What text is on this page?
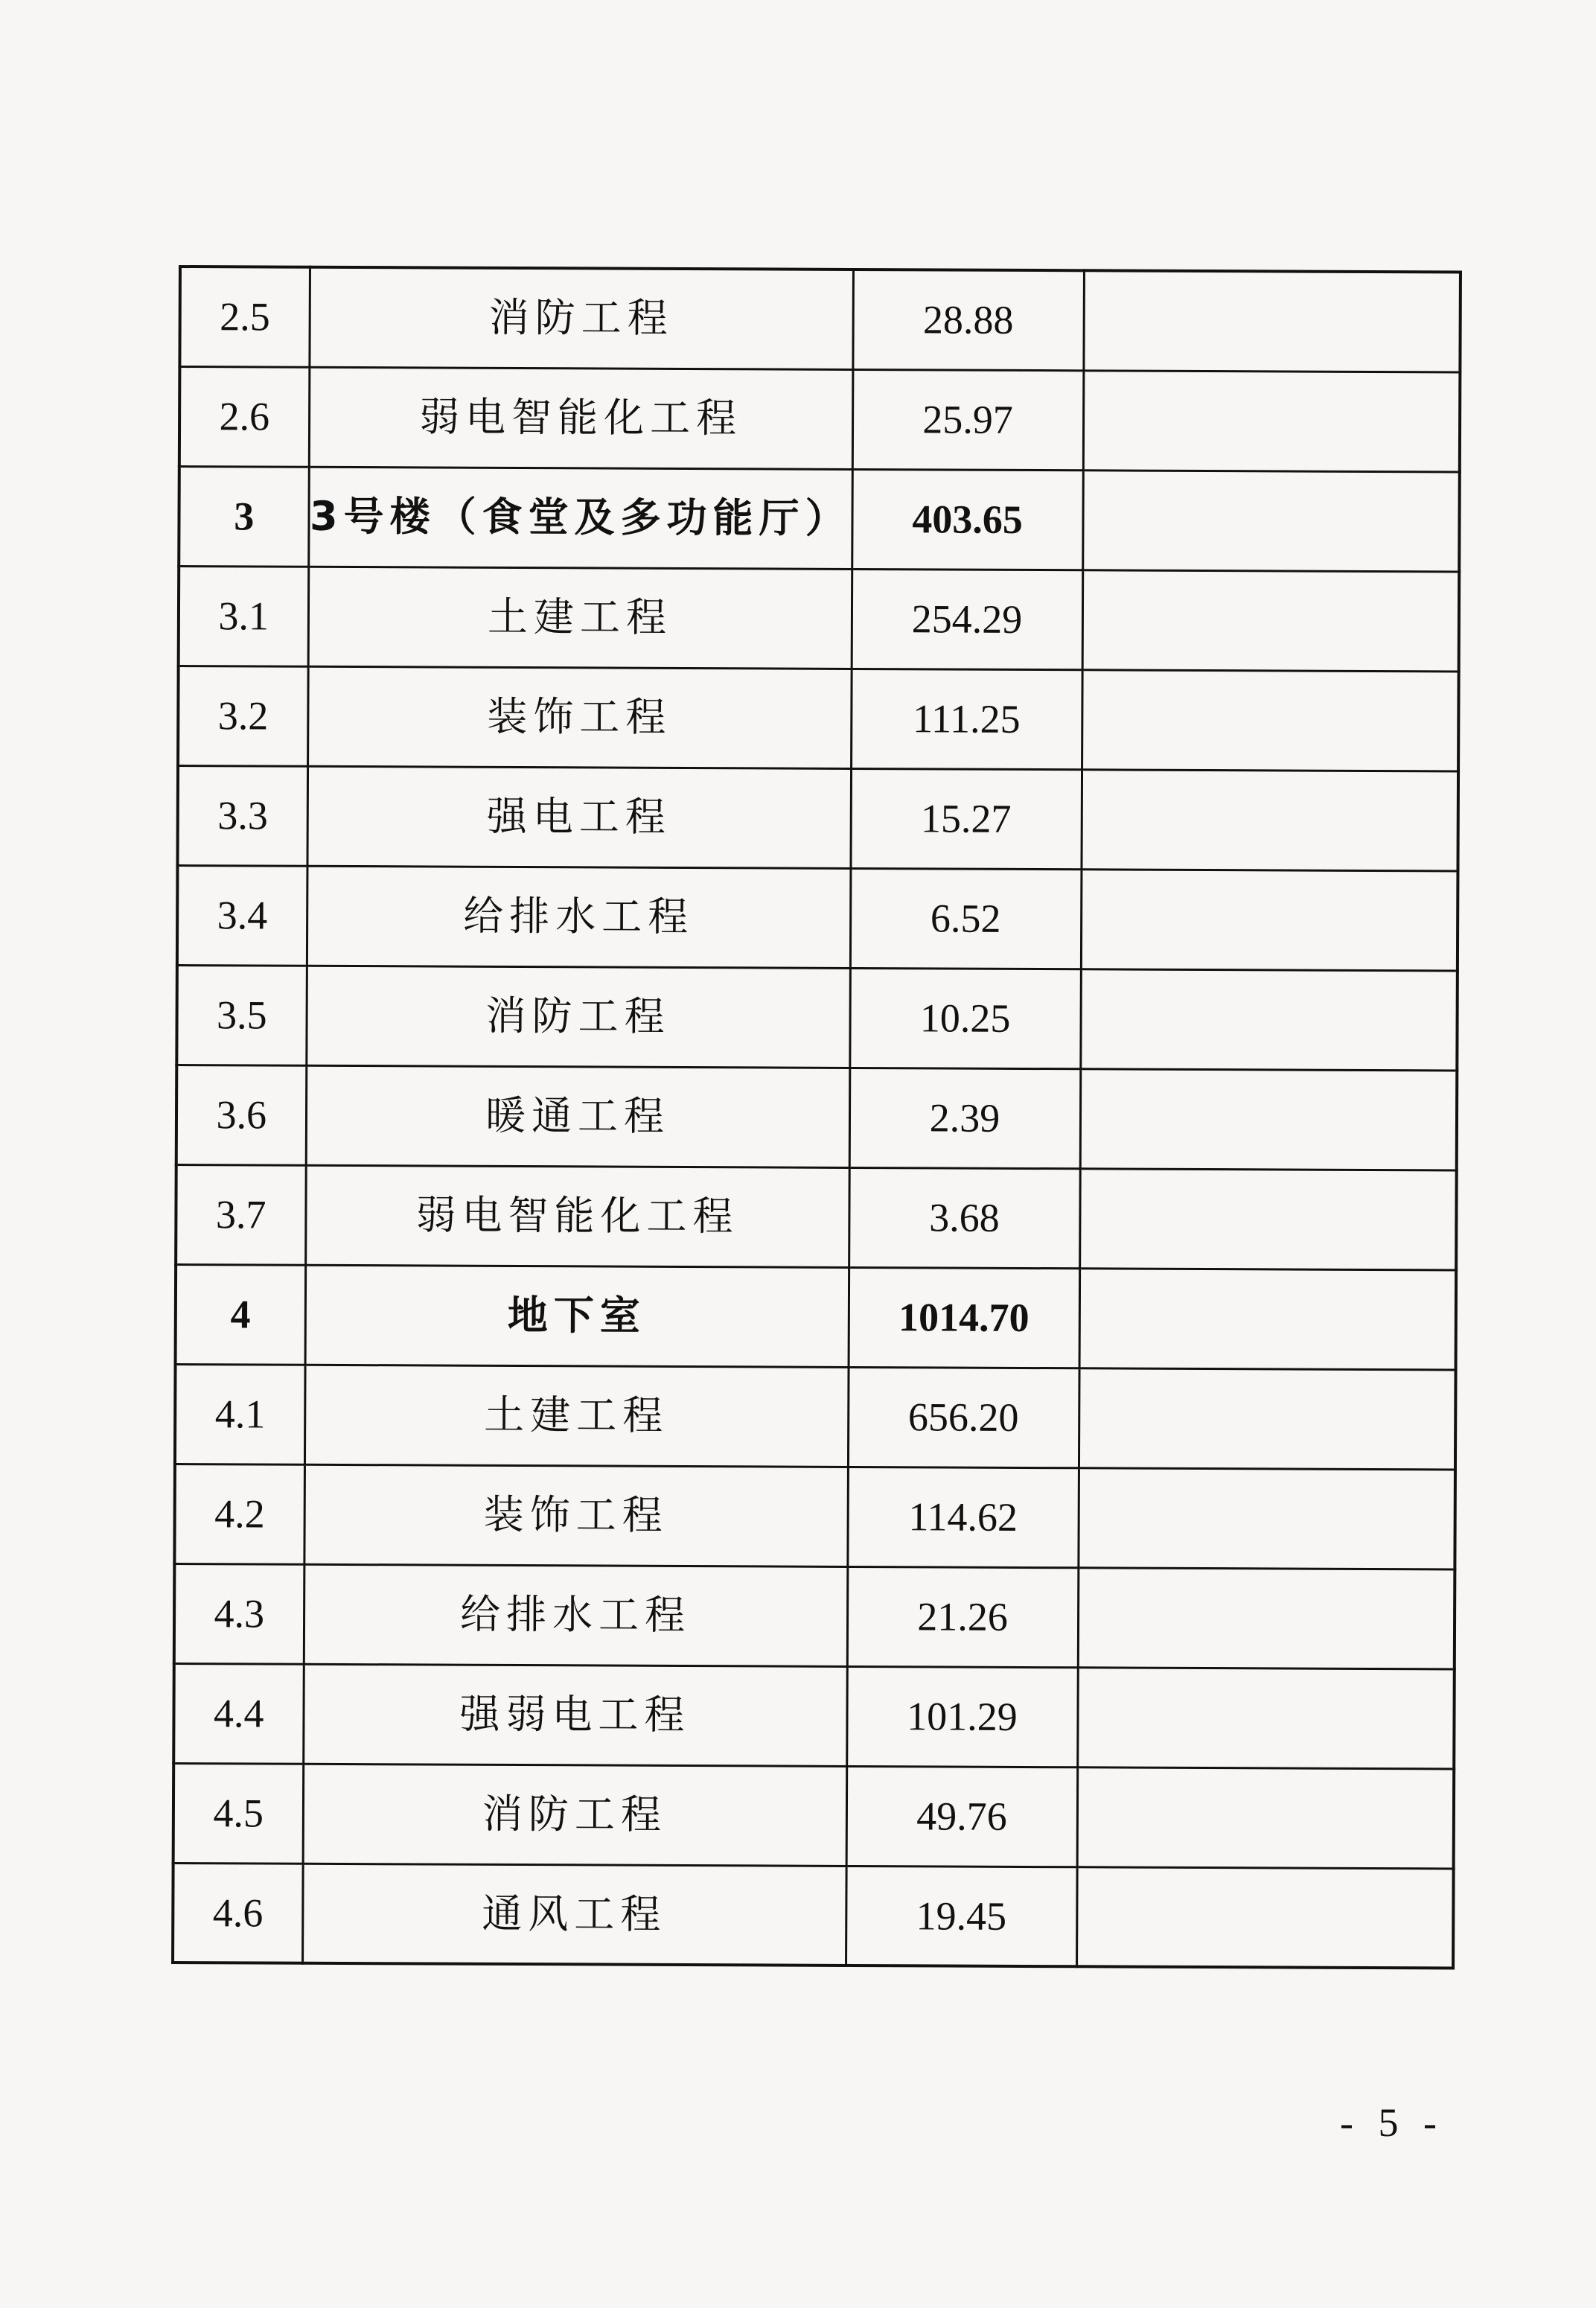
2.5	消防工程	28.88	
2.6	弱电智能化工程	25.97	
3	3号楼（食堂及多功能厅）	403.65	
3.1	土建工程	254.29	
3.2	装饰工程	111.25	
3.3	强电工程	15.27	
3.4	给排水工程	6.52	
3.5	消防工程	10.25	
3.6	暖通工程	2.39	
3.7	弱电智能化工程	3.68	
4	地下室	1014.70	
4.1	土建工程	656.20	
4.2	装饰工程	114.62	
4.3	给排水工程	21.26	
4.4	强弱电工程	101.29	
4.5	消防工程	49.76	
4.6	通风工程	19.45	
- 5 -
